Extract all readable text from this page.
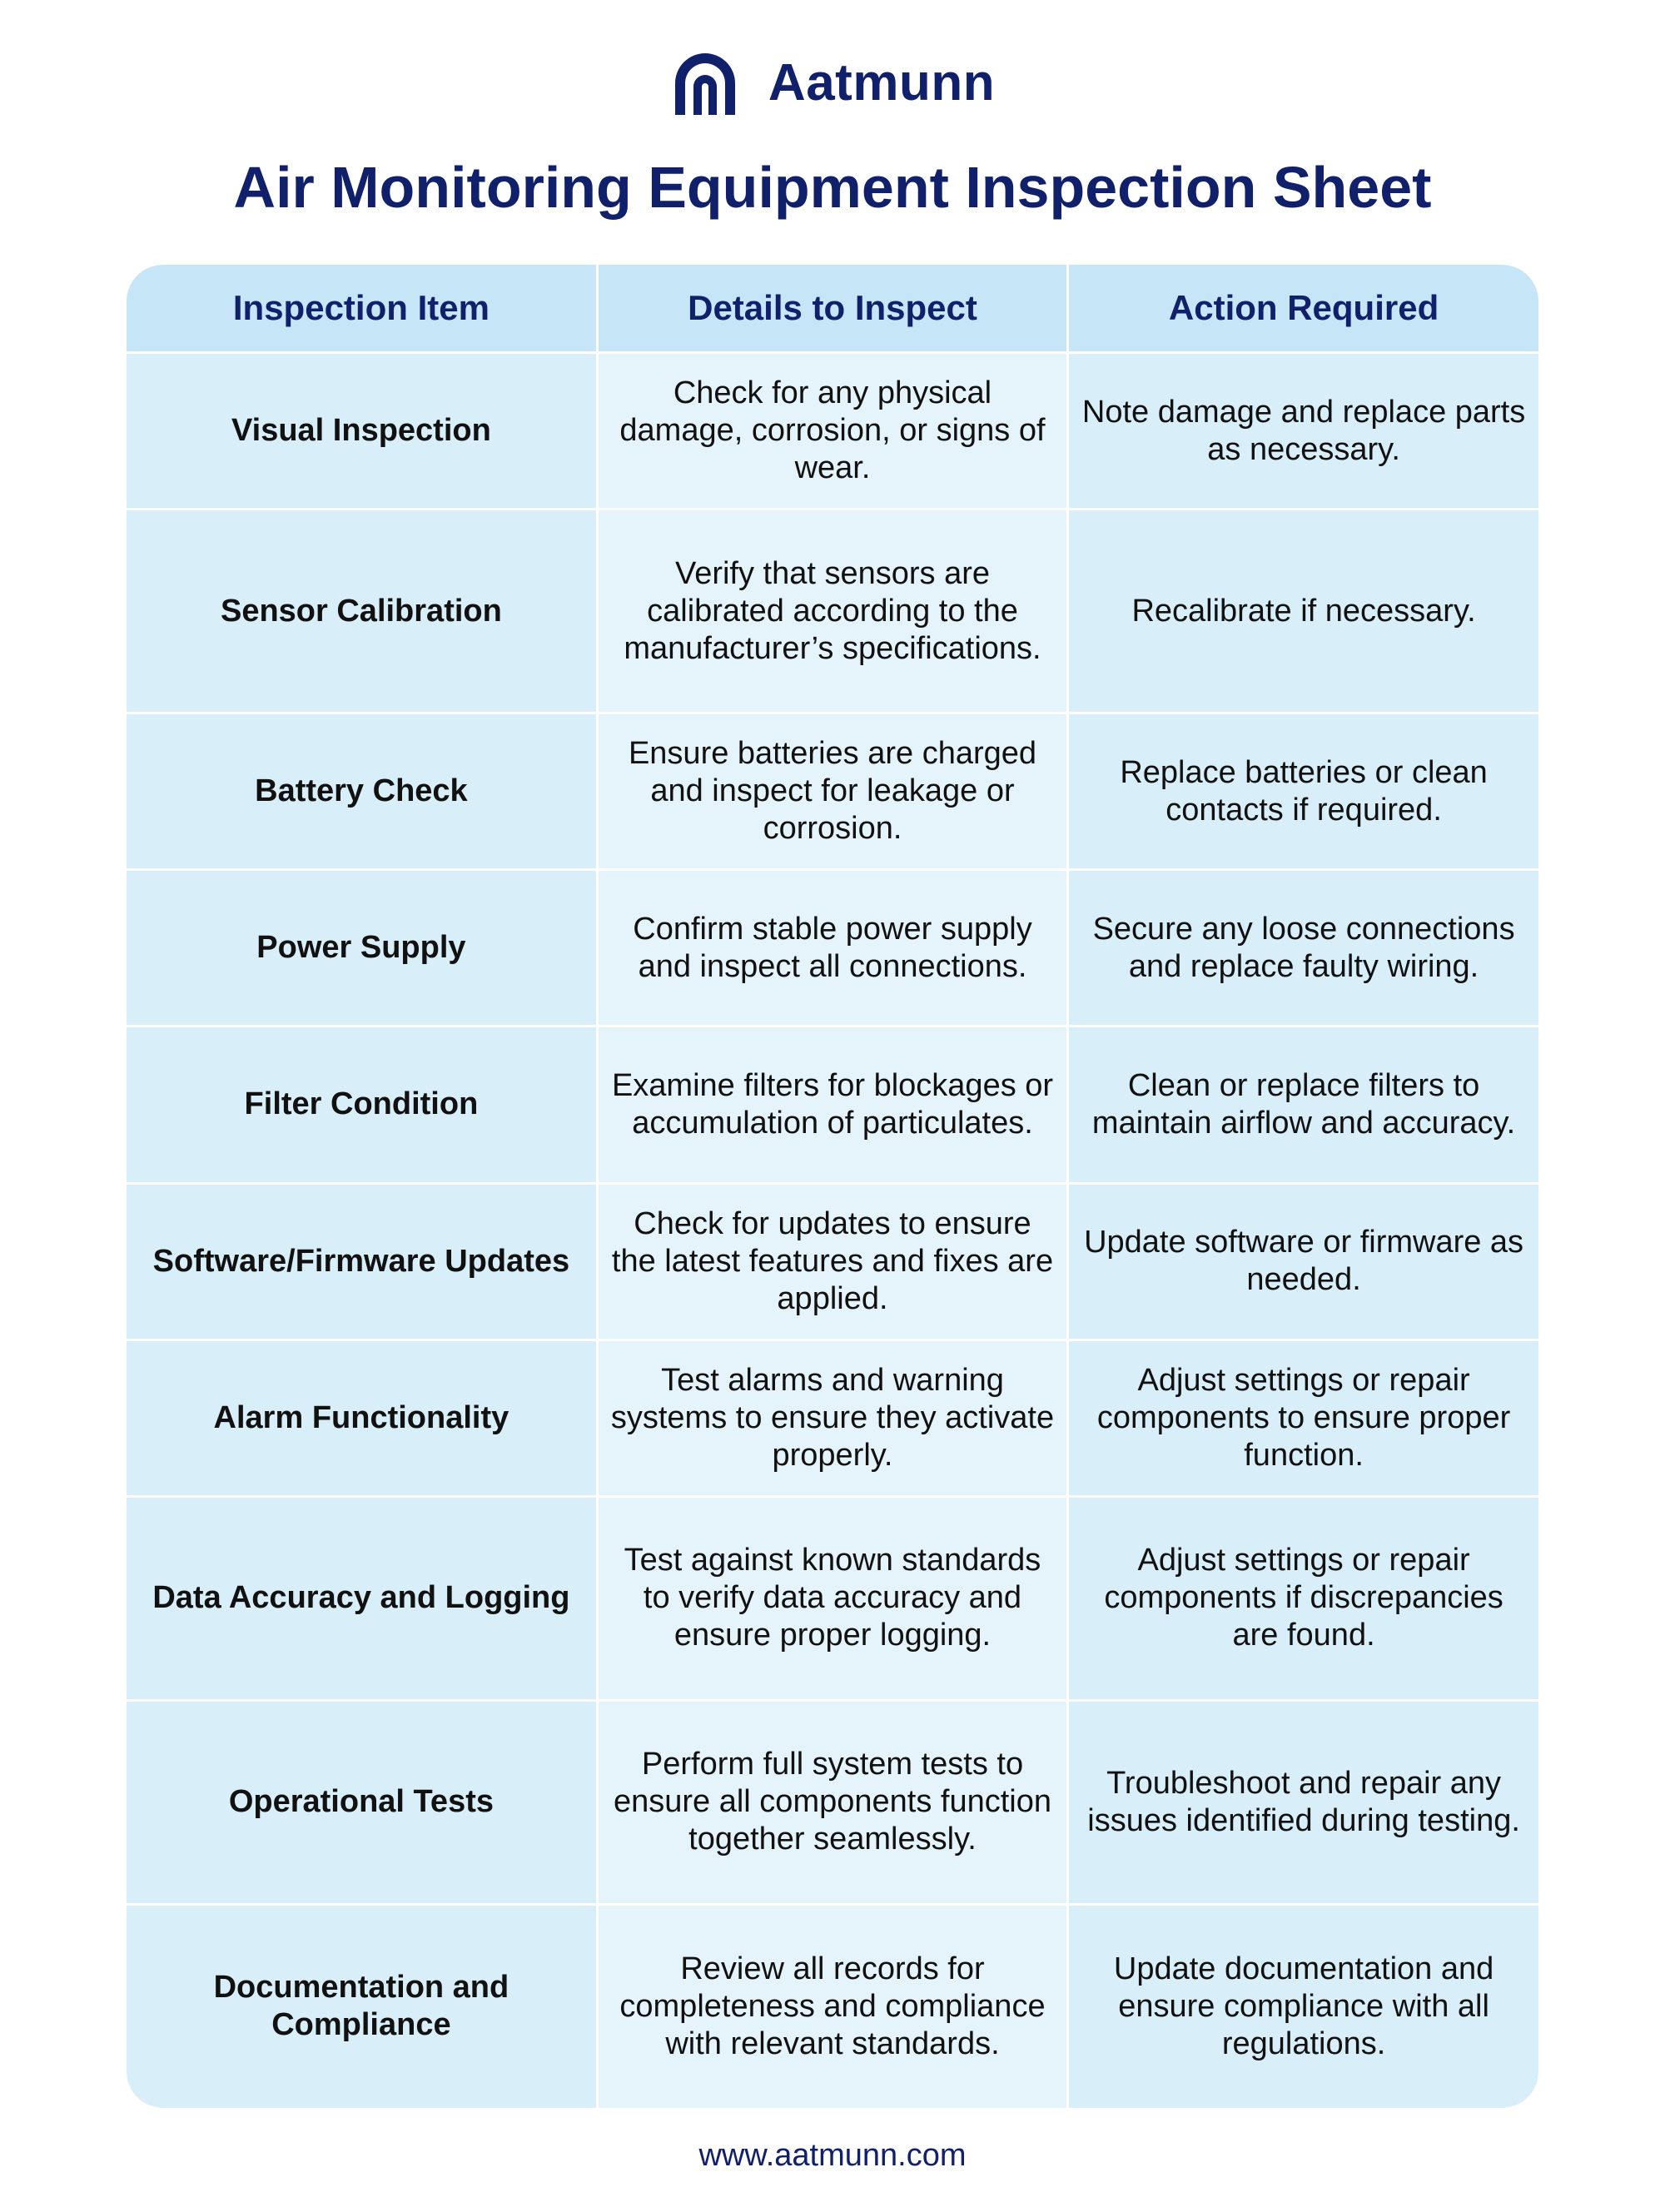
Aatmunn
Air Monitoring Equipment Inspection Sheet
Inspection Item	Details to Inspect	Action Required
Visual Inspection	Check for any physical damage, corrosion, or signs of wear.	Note damage and replace parts as necessary.
Sensor Calibration	Verify that sensors are calibrated according to the manufacturer’s specifications.	Recalibrate if necessary.
Battery Check	Ensure batteries are charged and inspect for leakage or corrosion.	Replace batteries or clean contacts if required.
Power Supply	Confirm stable power supply and inspect all connections.	Secure any loose connections and replace faulty wiring.
Filter Condition	Examine filters for blockages or accumulation of particulates.	Clean or replace filters to maintain airflow and accuracy.
Software/Firmware Updates	Check for updates to ensure the latest features and fixes are applied.	Update software or firmware as needed.
Alarm Functionality	Test alarms and warning systems to ensure they activate properly.	Adjust settings or repair components to ensure proper function.
Data Accuracy and Logging	Test against known standards to verify data accuracy and ensure proper logging.	Adjust settings or repair components if discrepancies are found.
Operational Tests	Perform full system tests to ensure all components function together seamlessly.	Troubleshoot and repair any issues identified during testing.
Documentation and Compliance	Review all records for completeness and compliance with relevant standards.	Update documentation and ensure compliance with all regulations.
www.aatmunn.com
